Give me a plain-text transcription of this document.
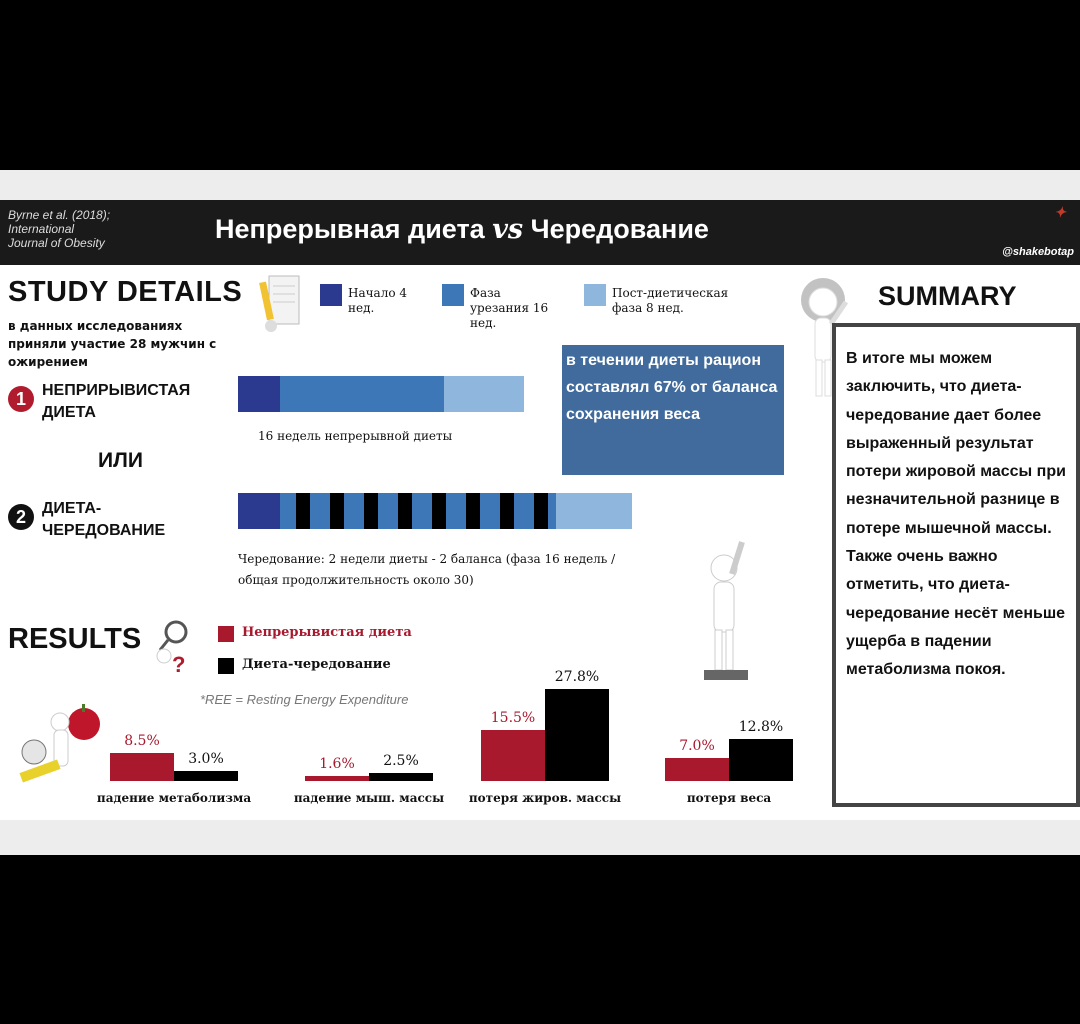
Byrne et al. (2018);
International
Journal of Obesity	Непрерывная диета vs Чередование
✦
@shakebotap
STUDY DETAILS
в данных исследованиях приняли участие 28 мужчин с ожирением
Начало 4 нед.
Фаза урезания 16 нед.
Пост-диетическая фаза 8 нед.
1	НЕПРИРЫВИСТАЯ ДИЕТА
16 недель непрерывной диеты
ИЛИ
2	ДИЕТА-ЧЕРЕДОВАНИЕ
Чередование: 2 недели диеты - 2 баланса (фаза 16 недель / общая продолжительность около 30)
в течении диеты рацион составлял 67% от баланса сохранения веса
SUMMARY
В итоге мы можем заключить, что диета-чередование дает более выраженный результат потери жировой массы при незначительной разнице в потере мышечной массы. Также очень важно отметить, что диета-чередование несёт меньше ущерба в падении метаболизма покоя.
RESULTS
?
Непрерывистая диета
Диета-чередование
*REE = Resting Energy Expenditure
8.5%
3.0%
падение метаболизма
1.6%	2.5%
падение мыш. массы
15.5%
27.8%
потеря жиров. массы
7.0%
12.8%
потеря веса
